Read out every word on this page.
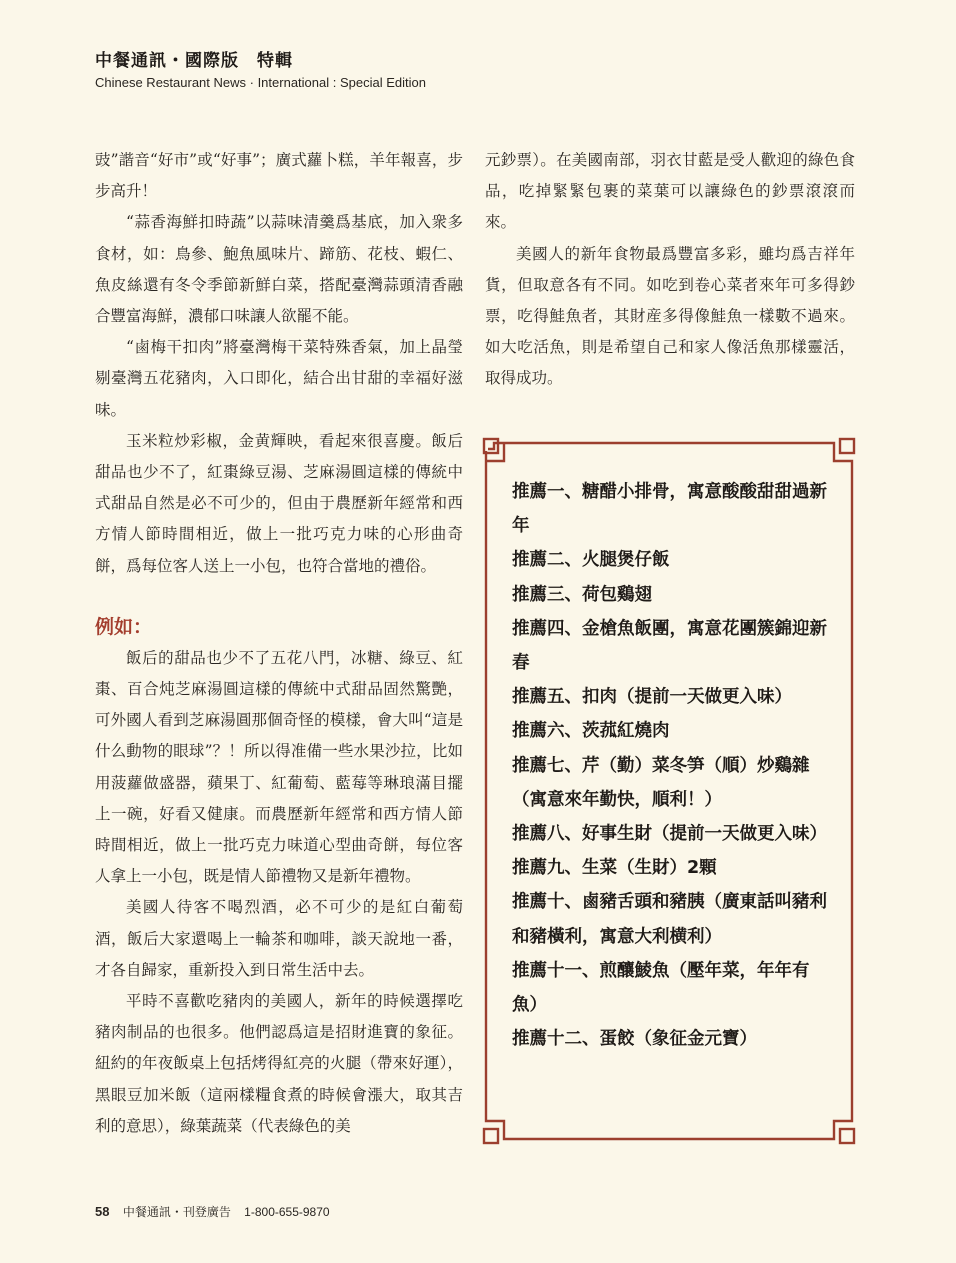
中餐通訊・國際版　特輯
Chinese Restaurant News · International : Special Edition

豉”諧音“好市”或“好事”；廣式蘿卜糕，羊年報喜，步步高升！

“蒜香海鮮扣時蔬”以蒜味清羹爲基底，加入衆多食材，如：鳥參、鮑魚風味片、蹄筋、花枝、蝦仁、魚皮絲還有冬令季節新鮮白菜，搭配臺灣蒜頭清香融合豐富海鮮，濃郁口味讓人欲罷不能。

“鹵梅干扣肉”將臺灣梅干菜特殊香氣，加上晶瑩剔臺灣五花豬肉，入口即化，結合出甘甜的幸福好滋味。

玉米粒炒彩椒，金黄輝映，看起來很喜慶。飯后甜品也少不了，紅棗綠豆湯、芝麻湯圓這樣的傳統中式甜品自然是必不可少的，但由于農歷新年經常和西方情人節時間相近，做上一批巧克力味的心形曲奇餅，爲每位客人送上一小包，也符合當地的禮俗。

例如：

飯后的甜品也少不了五花八門，冰糖、綠豆、紅棗、百合炖芝麻湯圓這樣的傳統中式甜品固然驚艷，可外國人看到芝麻湯圓那個奇怪的模樣，會大叫“這是什么動物的眼球”？！所以得准備一些水果沙拉，比如用菠蘿做盛器，蘋果丁、紅葡萄、藍莓等琳琅滿目擺上一碗，好看又健康。而農歷新年經常和西方情人節時間相近，做上一批巧克力味道心型曲奇餅，每位客人拿上一小包，既是情人節禮物又是新年禮物。

美國人待客不喝烈酒，必不可少的是紅白葡萄酒，飯后大家還喝上一輪茶和咖啡，談天說地一番，才各自歸家，重新投入到日常生活中去。

平時不喜歡吃豬肉的美國人，新年的時候選擇吃豬肉制品的也很多。他們認爲這是招財進寶的象征。紐約的年夜飯桌上包括烤得紅亮的火腿（帶來好運），黑眼豆加米飯（這兩樣糧食煮的時候會漲大，取其吉利的意思），綠葉蔬菜（代表綠色的美

元鈔票）。在美國南部，羽衣甘藍是受人歡迎的綠色食品，吃掉緊緊包裹的菜葉可以讓綠色的鈔票滾滾而來。

美國人的新年食物最爲豐富多彩，雖均爲吉祥年貨，但取意各有不同。如吃到卷心菜者來年可多得鈔票，吃得鮭魚者，其財産多得像鮭魚一樣數不過來。如大吃活魚，則是希望自己和家人像活魚那樣靈活，取得成功。

推薦一、糖醋小排骨，寓意酸酸甜甜過新年
推薦二、火腿煲仔飯
推薦三、荷包鷄翅
推薦四、金槍魚飯團，寓意花團簇錦迎新春
推薦五、扣肉（提前一天做更入味）
推薦六、茨菰紅燒肉
推薦七、芹（勤）菜冬笋（順）炒鷄雜（寓意來年勤快，順利！）
推薦八、好事生財（提前一天做更入味）
推薦九、生菜（生財）2顆
推薦十、鹵豬舌頭和豬胰（廣東話叫豬利和豬橫利，寓意大利横利）
推薦十一、煎釀鯪魚（壓年菜，年年有魚）
推薦十二、蛋餃（象征金元寶）
58 中餐通訊・刊登廣告 1-800-655-9870
